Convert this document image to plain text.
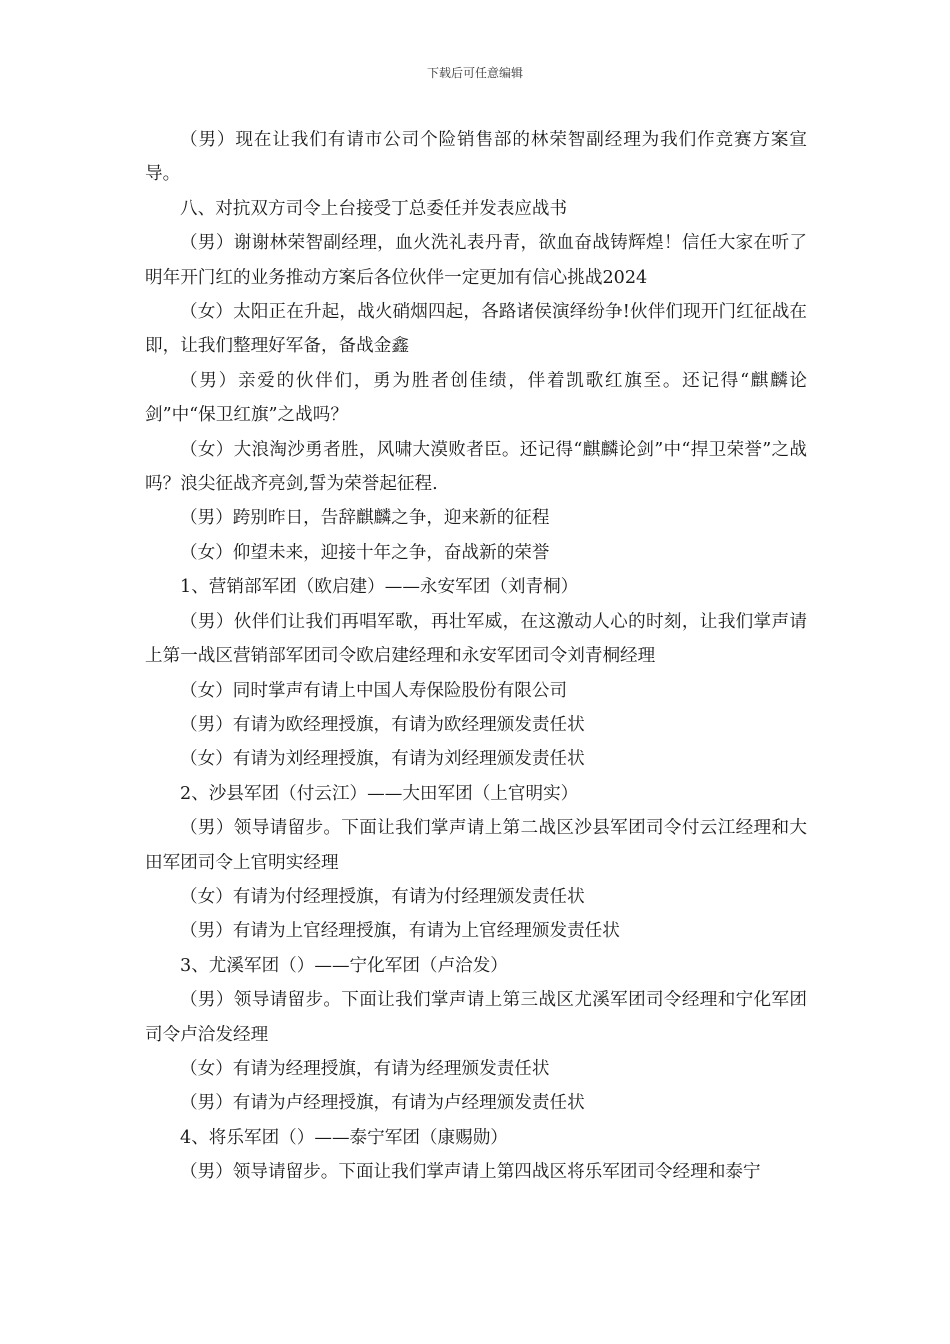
下载后可任意编辑

（男）现在让我们有请市公司个险销售部的林荣智副经理为我们作竞赛方案宣导。

八、对抗双方司令上台接受丁总委任并发表应战书

（男）谢谢林荣智副经理，血火洗礼表丹青，欲血奋战铸辉煌！信任大家在听了明年开门红的业务推动方案后各位伙伴一定更加有信心挑战2024

（女）太阳正在升起，战火硝烟四起，各路诸侯演绎纷争!伙伴们现开门红征战在即，让我们整理好军备，备战金鑫

（男）亲爱的伙伴们，勇为胜者创佳绩，伴着凯歌红旗至。还记得“麒麟论剑”中“保卫红旗”之战吗？

（女）大浪淘沙勇者胜，风啸大漠败者臣。还记得“麒麟论剑”中“捍卫荣誉”之战吗？浪尖征战齐亮剑,誓为荣誉起征程.

（男）跨别昨日，告辞麒麟之争，迎来新的征程

（女）仰望未来，迎接十年之争，奋战新的荣誉

1、营销部军团（欧启建）——永安军团（刘青桐）

（男）伙伴们让我们再唱军歌，再壮军威，在这激动人心的时刻，让我们掌声请上第一战区营销部军团司令欧启建经理和永安军团司令刘青桐经理

（女）同时掌声有请上中国人寿保险股份有限公司

（男）有请为欧经理授旗，有请为欧经理颁发责任状

（女）有请为刘经理授旗，有请为刘经理颁发责任状

2、沙县军团（付云江）——大田军团（上官明实）

（男）领导请留步。下面让我们掌声请上第二战区沙县军团司令付云江经理和大田军团司令上官明实经理

（女）有请为付经理授旗，有请为付经理颁发责任状

（男）有请为上官经理授旗，有请为上官经理颁发责任状

3、尤溪军团（）——宁化军团（卢洽发）

（男）领导请留步。下面让我们掌声请上第三战区尤溪军团司令经理和宁化军团司令卢洽发经理

（女）有请为经理授旗，有请为经理颁发责任状

（男）有请为卢经理授旗，有请为卢经理颁发责任状

4、将乐军团（）——泰宁军团（康赐勋）

（男）领导请留步。下面让我们掌声请上第四战区将乐军团司令经理和泰宁
